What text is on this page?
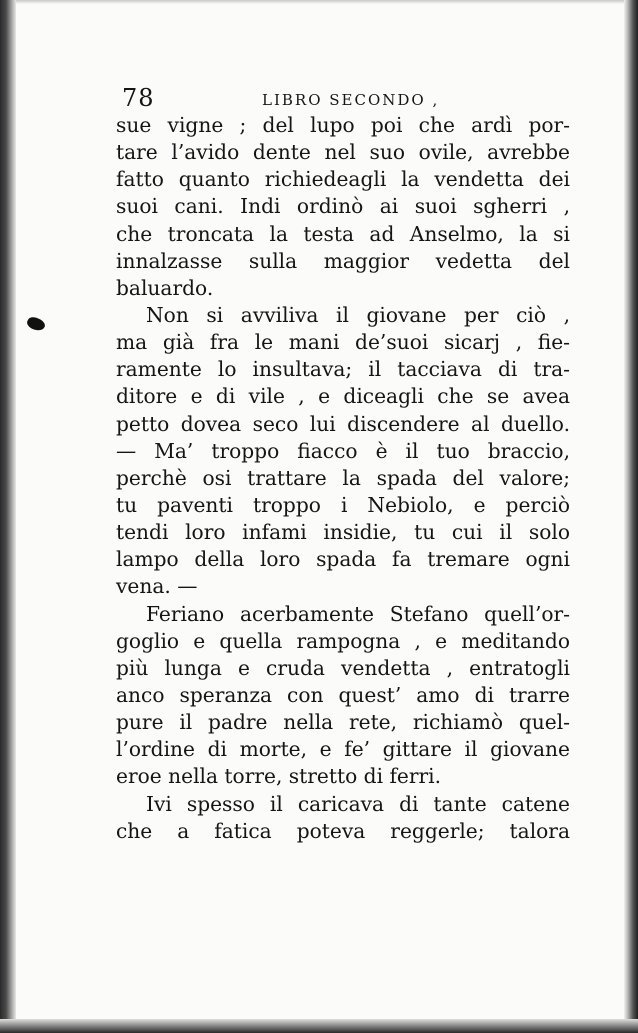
78	LIBRO SECONDO ,
sue vigne ; del lupo poi che ardì por-
tare l’avido dente nel suo ovile, avrebbe
fatto quanto richiedeagli la vendetta dei
suoi cani. Indi ordinò ai suoi sgherri ,
che troncata la testa ad Anselmo, la si
innalzasse sulla maggior vedetta del
baluardo.
Non si avviliva il giovane per ciò ,
ma già fra le mani de’suoi sicarj , fie-
ramente lo insultava; il tacciava di tra-
ditore e di vile , e diceagli che se avea
petto dovea seco lui discendere al duello.
— Ma’ troppo fiacco è il tuo braccio,
perchè osi trattare la spada del valore;
tu paventi troppo i Nebiolo, e perciò
tendi loro infami insidie, tu cui il solo
lampo della loro spada fa tremare ogni
vena. —
Feriano acerbamente Stefano quell’or-
goglio e quella rampogna , e meditando
più lunga e cruda vendetta , entratogli
anco speranza con quest’ amo di trarre
pure il padre nella rete, richiamò quel-
l’ordine di morte, e fe’ gittare il giovane
eroe nella torre, stretto di ferri.
Ivi spesso il caricava di tante catene
che a fatica poteva reggerle; talora
